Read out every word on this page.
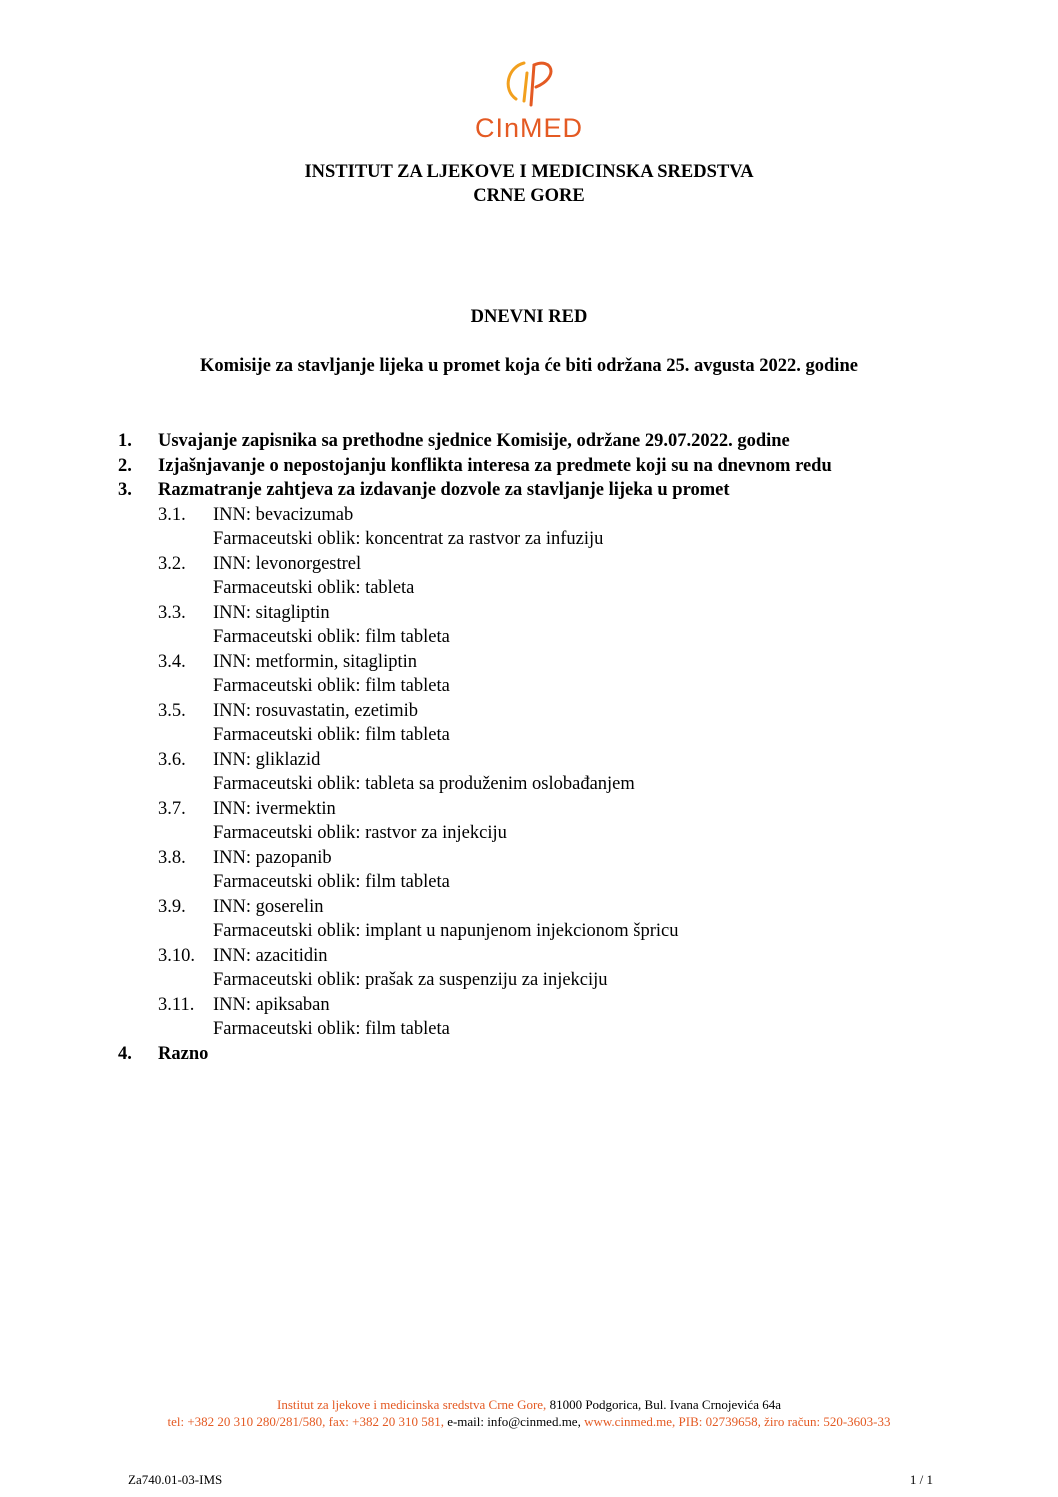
CInMED
INSTITUT ZA LJEKOVE I MEDICINSKA SREDSTVA
CRNE GORE
DNEVNI RED
Komisije za stavljanje lijeka u promet koja će biti održana 25. avgusta 2022. godine
1.	Usvajanje zapisnika sa prethodne sjednice Komisije, održane 29.07.2022. godine
2.	Izjašnjavanje o nepostojanju konflikta interesa za predmete koji su na dnevnom redu
3.	Razmatranje zahtjeva za izdavanje dozvole za stavljanje lijeka u promet
3.1.	INN: bevacizumab
Farmaceutski oblik: koncentrat za rastvor za infuziju
3.2.	INN: levonorgestrel
Farmaceutski oblik: tableta
3.3.	INN: sitagliptin
Farmaceutski oblik: film tableta
3.4.	INN: metformin, sitagliptin
Farmaceutski oblik: film tableta
3.5.	INN: rosuvastatin, ezetimib
Farmaceutski oblik: film tableta
3.6.	INN: gliklazid
Farmaceutski oblik: tableta sa produženim oslobađanjem
3.7.	INN: ivermektin
Farmaceutski oblik: rastvor za injekciju
3.8.	INN: pazopanib
Farmaceutski oblik: film tableta
3.9.	INN: goserelin
Farmaceutski oblik: implant u napunjenom injekcionom špricu
3.10. INN: azacitidin
Farmaceutski oblik: prašak za suspenziju za injekciju
3.11.	INN: apiksaban
Farmaceutski oblik: film tableta
4.	Razno
Institut za ljekove i medicinska sredstva Crne Gore, 81000 Podgorica, Bul. Ivana Crnojevića 64a
tel: +382 20 310 280/281/580, fax: +382 20 310 581, e-mail: info@cinmed.me, www.cinmed.me, PIB: 02739658, žiro račun: 520-3603-33
Za740.01-03-IMS	1 / 1
